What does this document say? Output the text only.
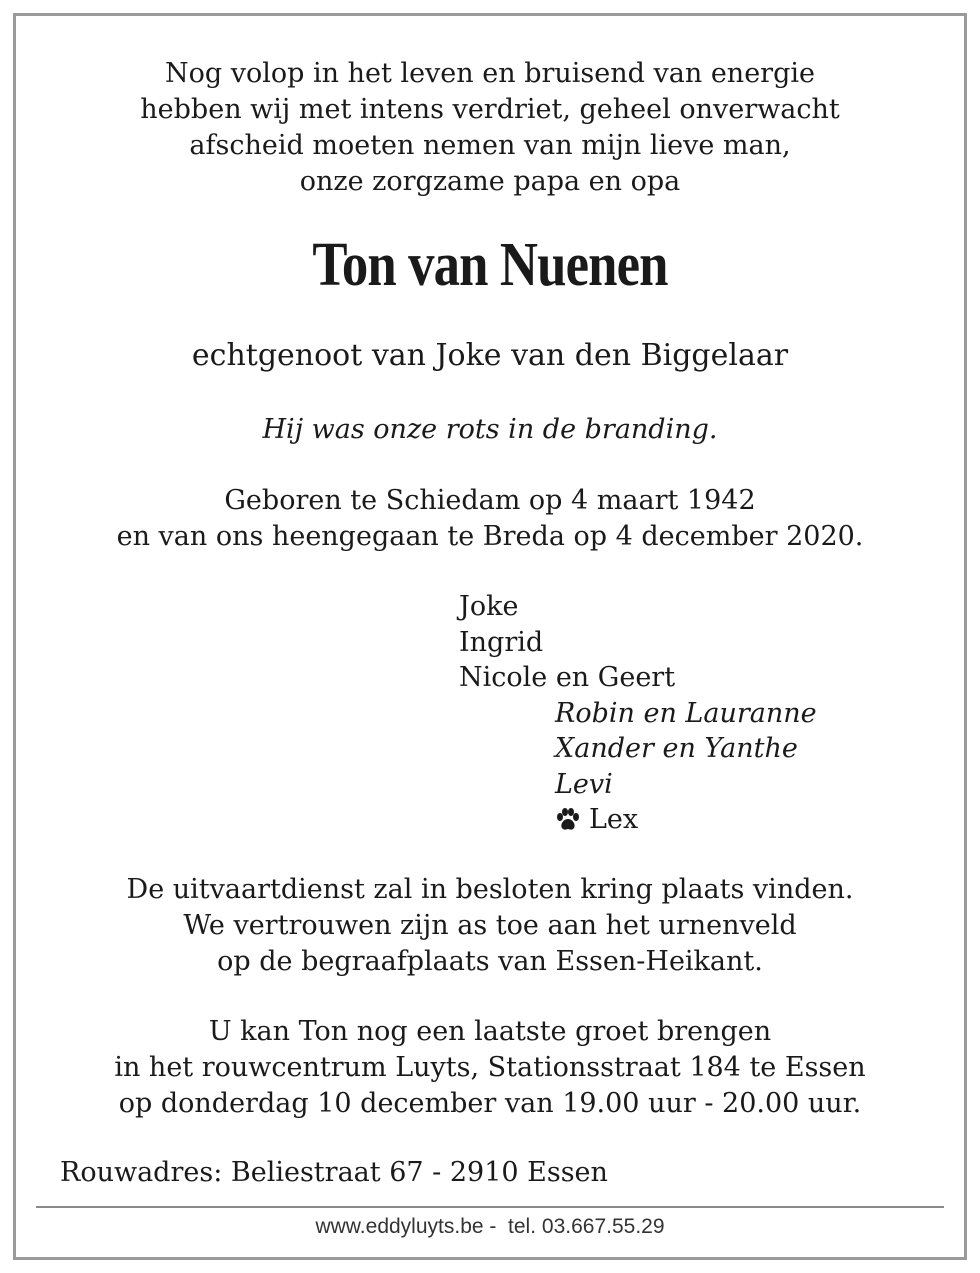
Nog volop in het leven en bruisend van energie
hebben wij met intens verdriet, geheel onverwacht
afscheid moeten nemen van mijn lieve man,
onze zorgzame papa en opa
Ton van Nuenen
echtgenoot van Joke van den Biggelaar
Hij was onze rots in de branding.
Geboren te Schiedam op 4 maart 1942
en van ons heengegaan te Breda op 4 december 2020.
Joke
Ingrid
Nicole en Geert
Robin en Lauranne
Xander en Yanthe
Levi
Lex
De uitvaartdienst zal in besloten kring plaats vinden.
We vertrouwen zijn as toe aan het urnenveld
op de begraafplaats van Essen-Heikant.
U kan Ton nog een laatste groet brengen
in het rouwcentrum Luyts, Stationsstraat 184 te Essen
op donderdag 10 december van 19.00 uur - 20.00 uur.
Rouwadres: Beliestraat 67 - 2910 Essen
www.eddyluyts.be -  tel. 03.667.55.29
